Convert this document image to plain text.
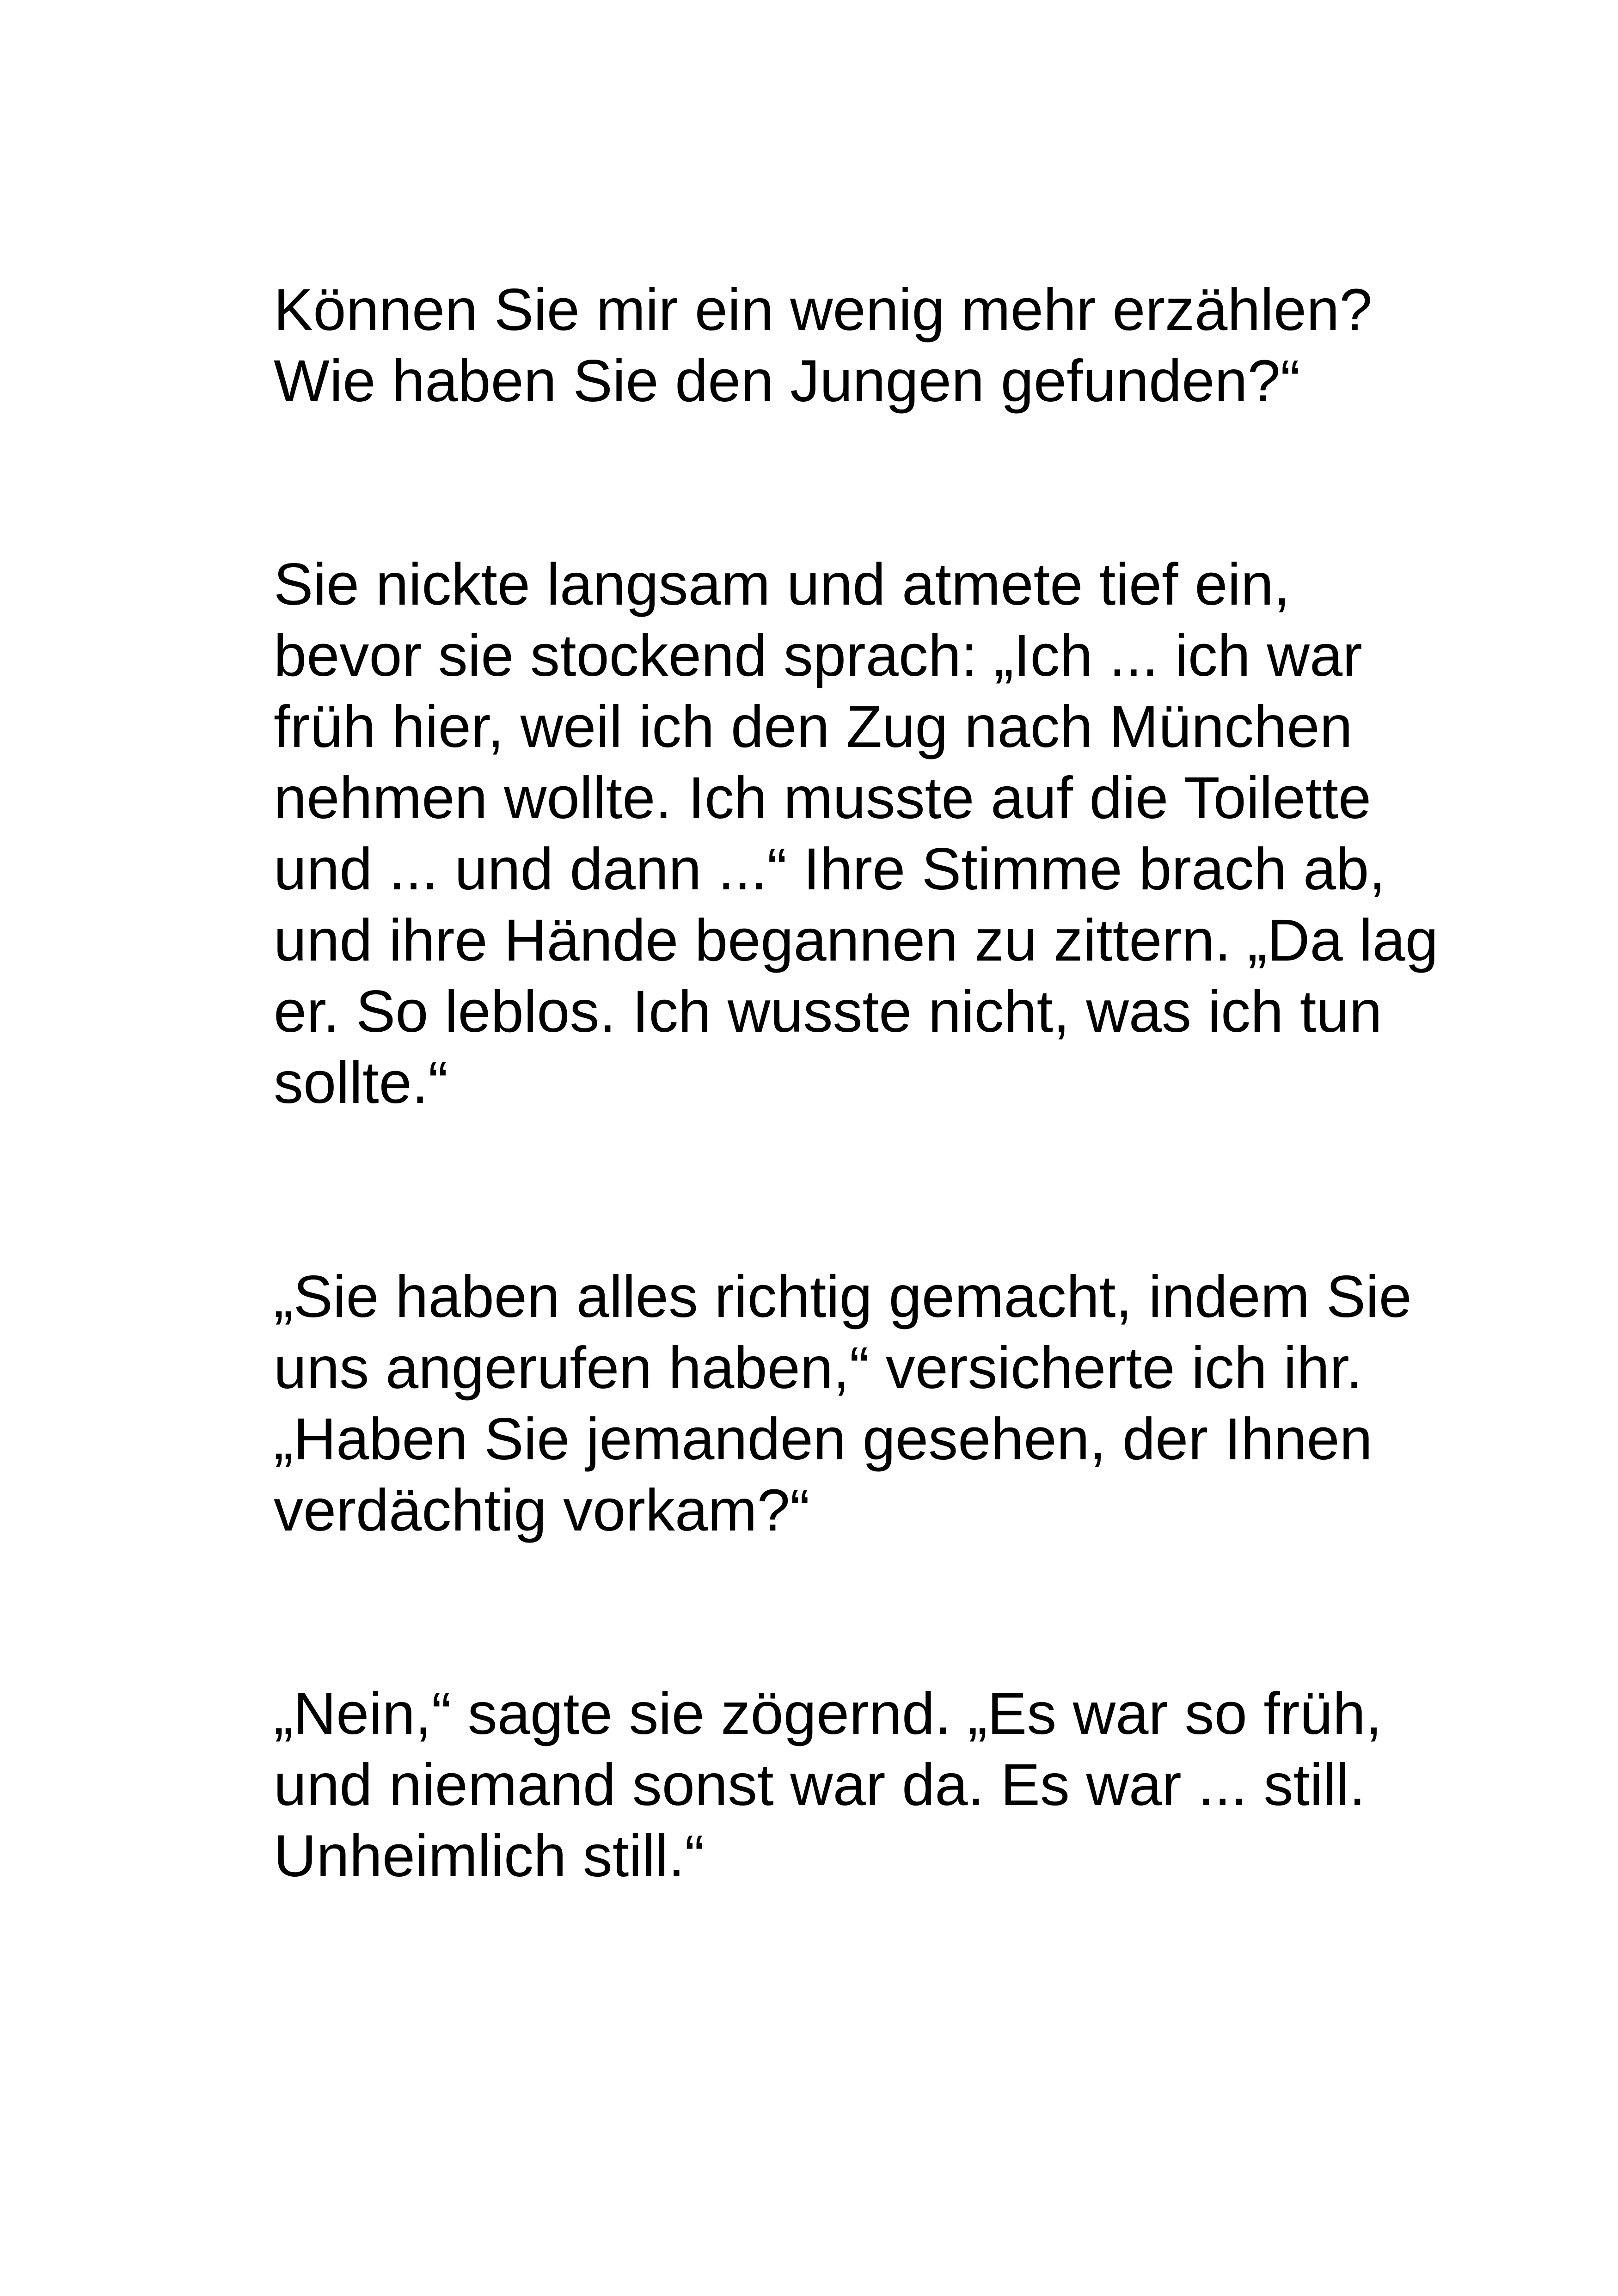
Können Sie mir ein wenig mehr erzählen?
Wie haben Sie den Jungen gefunden?“

Sie nickte langsam und atmete tief ein,
bevor sie stockend sprach: „Ich ... ich war
früh hier, weil ich den Zug nach München
nehmen wollte. Ich musste auf die Toilette
und ... und dann ...“ Ihre Stimme brach ab,
und ihre Hände begannen zu zittern. „Da lag
er. So leblos. Ich wusste nicht, was ich tun
sollte.“

„Sie haben alles richtig gemacht, indem Sie
uns angerufen haben,“ versicherte ich ihr.
„Haben Sie jemanden gesehen, der Ihnen
verdächtig vorkam?“

„Nein,“ sagte sie zögernd. „Es war so früh,
und niemand sonst war da. Es war ... still.
Unheimlich still.“
